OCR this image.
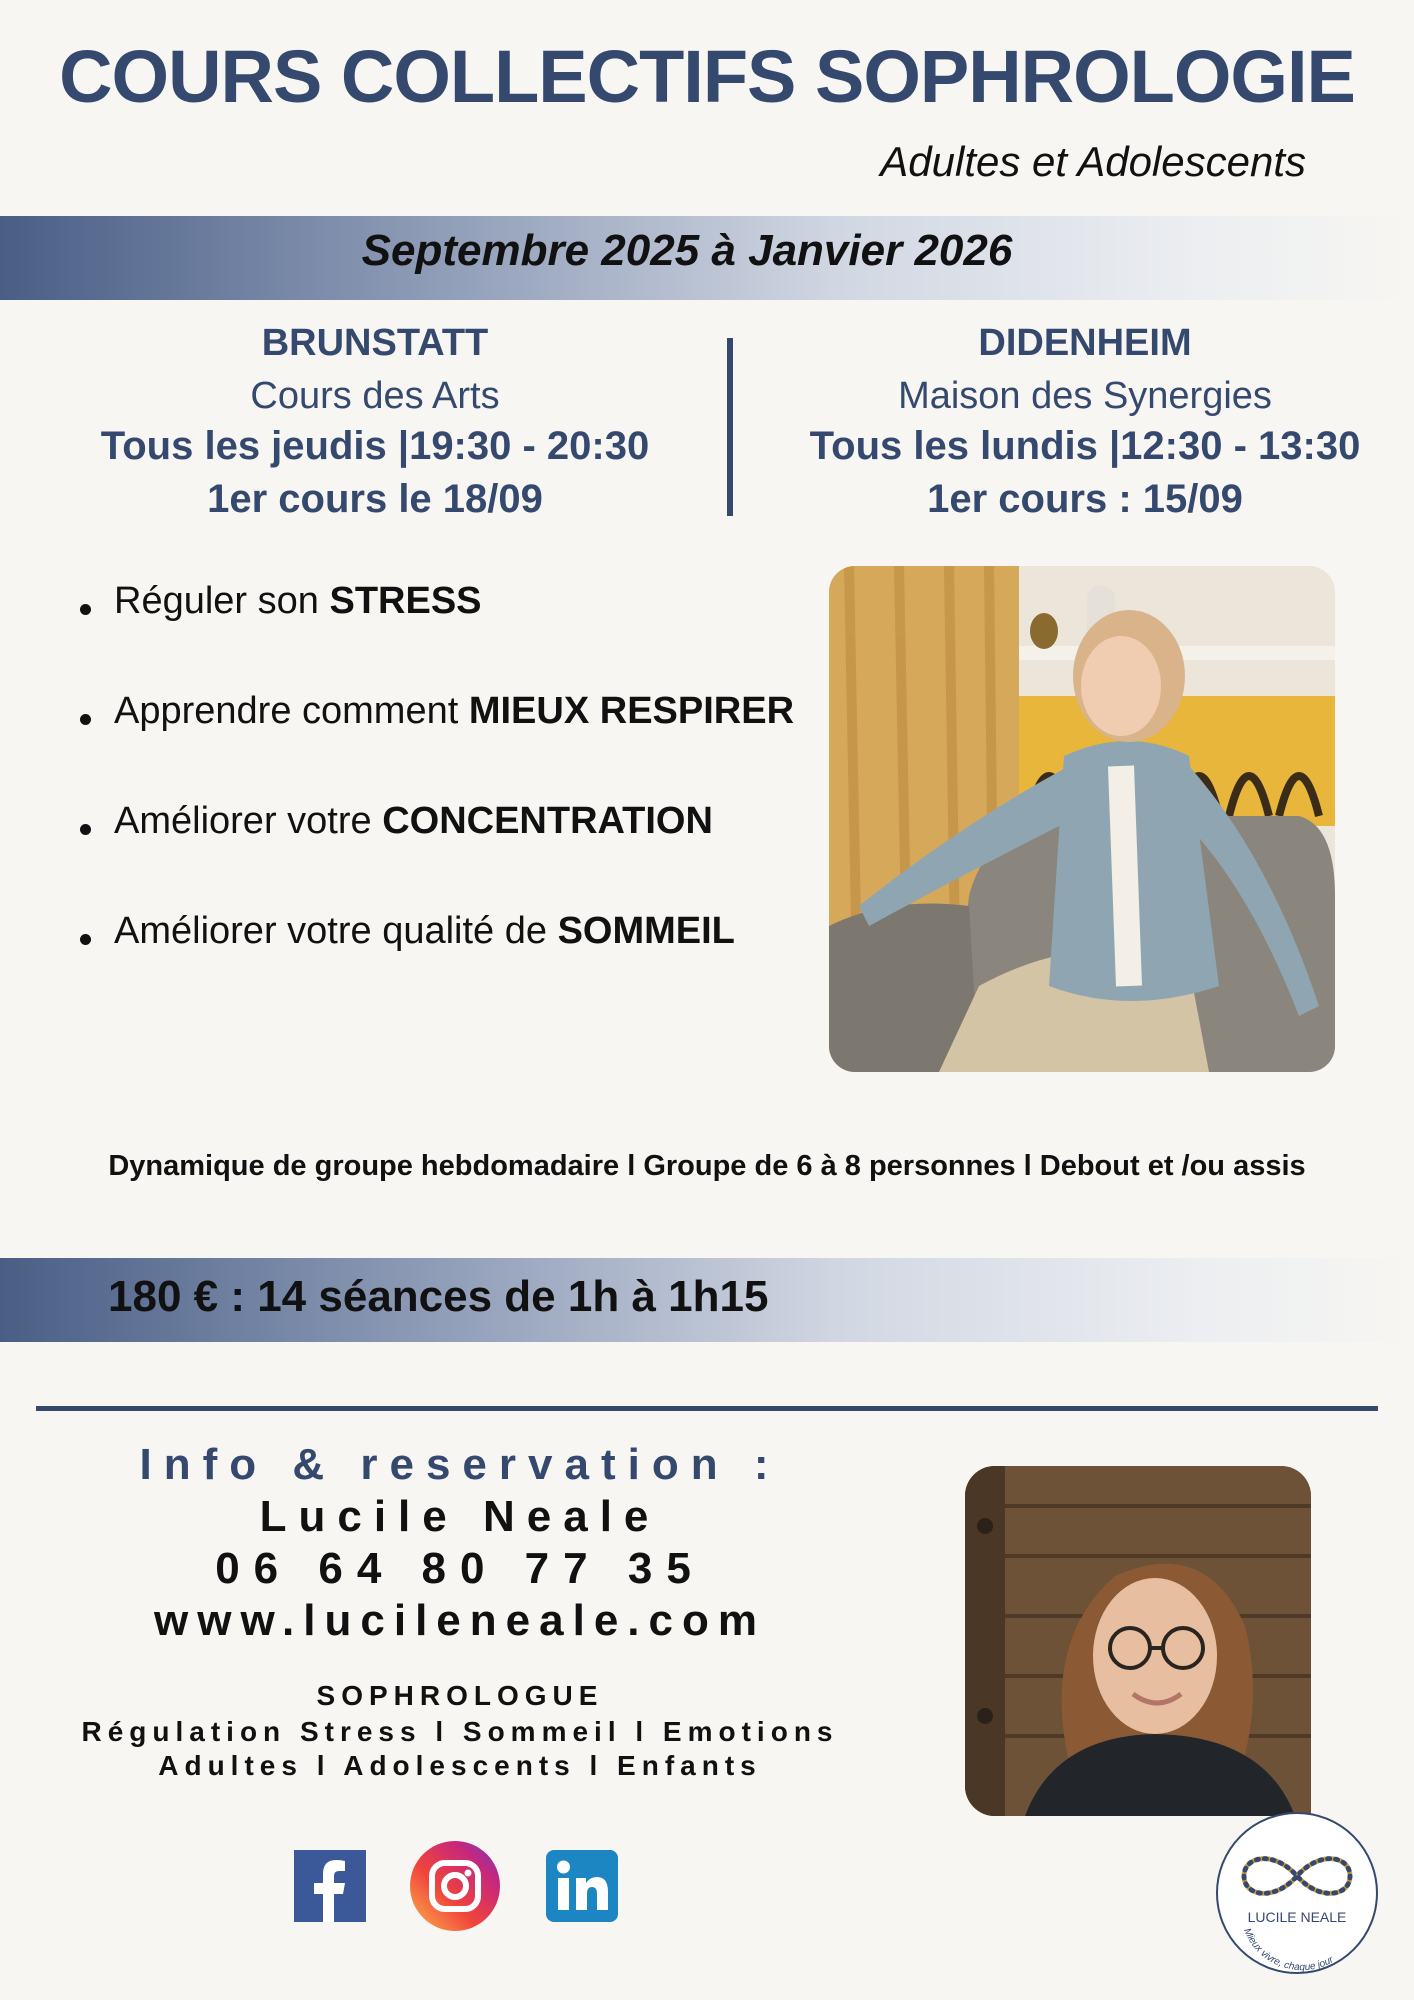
COURS COLLECTIFS SOPHROLOGIE
Adultes et Adolescents
Septembre 2025 à Janvier 2026
BRUNSTATT
Cours des Arts
Tous les jeudis |19:30 - 20:30
1er cours le 18/09
DIDENHEIM
Maison des Synergies
Tous les lundis |12:30 - 13:30
1er cours : 15/09
Réguler son STRESS
Apprendre comment MIEUX RESPIRER
Améliorer votre CONCENTRATION
Améliorer votre qualité de SOMMEIL
Dynamique de groupe hebdomadaire l Groupe de 6 à 8 personnes l Debout et /ou assis
180 € : 14 séances de 1h à 1h15
Info & reservation :
Lucile Neale
06 64 80 77 35
www.lucileneale.com
SOPHROLOGUE
Régulation Stress l Sommeil l Emotions
Adultes l Adolescents l Enfants
LUCILE NEALE
Mieux vivre, chaque jour
